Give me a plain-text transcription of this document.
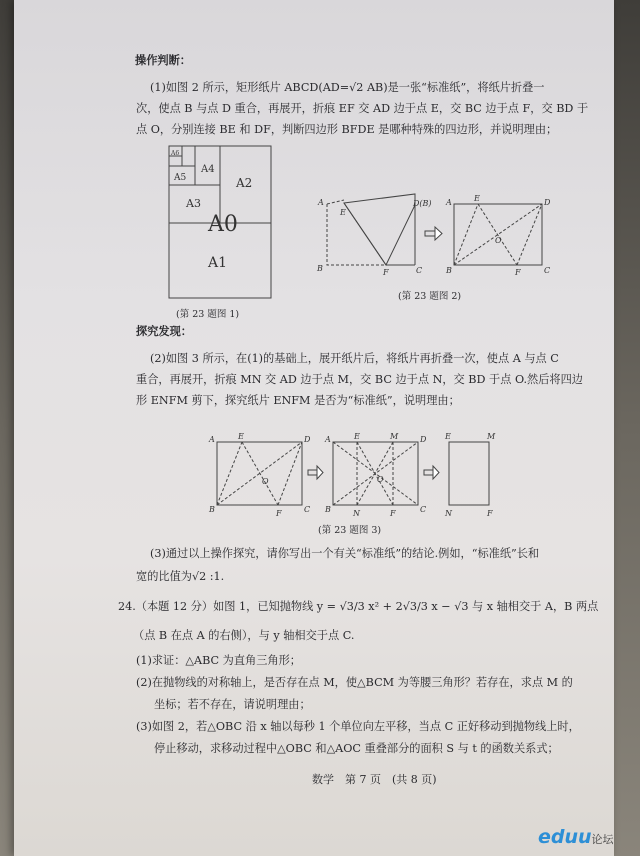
操作判断：
(1)如图 2 所示，矩形纸片 ABCD(AD=√2 AB)是一张“标准纸”，将纸片折叠一
次，使点 B 与点 D 重合，再展开，折痕 EF 交 AD 边于点 E，交 BC 边于点 F，交 BD 于
点 O，分别连接 BE 和 DF，判断四边形 BFDE 是哪种特殊的四边形，并说明理由；
A6
A5
A4
A3
A2
A0
A1
(第 23 题图 1)
A
E
D(B)
B	F	C
A	E	D
O
B	F	C
(第 23 题图 2)
探究发现：
(2)如图 3 所示，在(1)的基础上，展开纸片后，将纸片再折叠一次，使点 A 与点 C
重合，再展开，折痕 MN 交 AD 边于点 M，交 BC 边于点 N，交 BD 于点 O.然后将四边
形 ENFM 剪下，探究纸片 ENFM 是否为“标准纸”，说明理由；
A	E	D
O
B	F	C
A	E	M	D
O
B	N	F	C
E	M
N	F
(第 23 题图 3)
(3)通过以上操作探究，请你写出一个有关“标准纸”的结论.例如，“标准纸”长和
宽的比值为√2 :1.
24.（本题 12 分）如图 1，已知抛物线 y = √3/3 x² + 2√3/3 x − √3 与 x 轴相交于 A，B 两点
（点 B 在点 A 的右侧），与 y 轴相交于点 C.
(1)求证：△ABC 为直角三角形；
(2)在抛物线的对称轴上，是否存在点 M，使△BCM 为等腰三角形？若存在，求点 M 的
坐标；若不存在，请说明理由；
(3)如图 2，若△OBC 沿 x 轴以每秒 1 个单位向左平移，当点 C 正好移动到抛物线上时，
停止移动，求移动过程中△OBC 和△AOC 重叠部分的面积 S 与 t 的函数关系式；
数学　第 7 页　(共 8 页)
eduu论坛
